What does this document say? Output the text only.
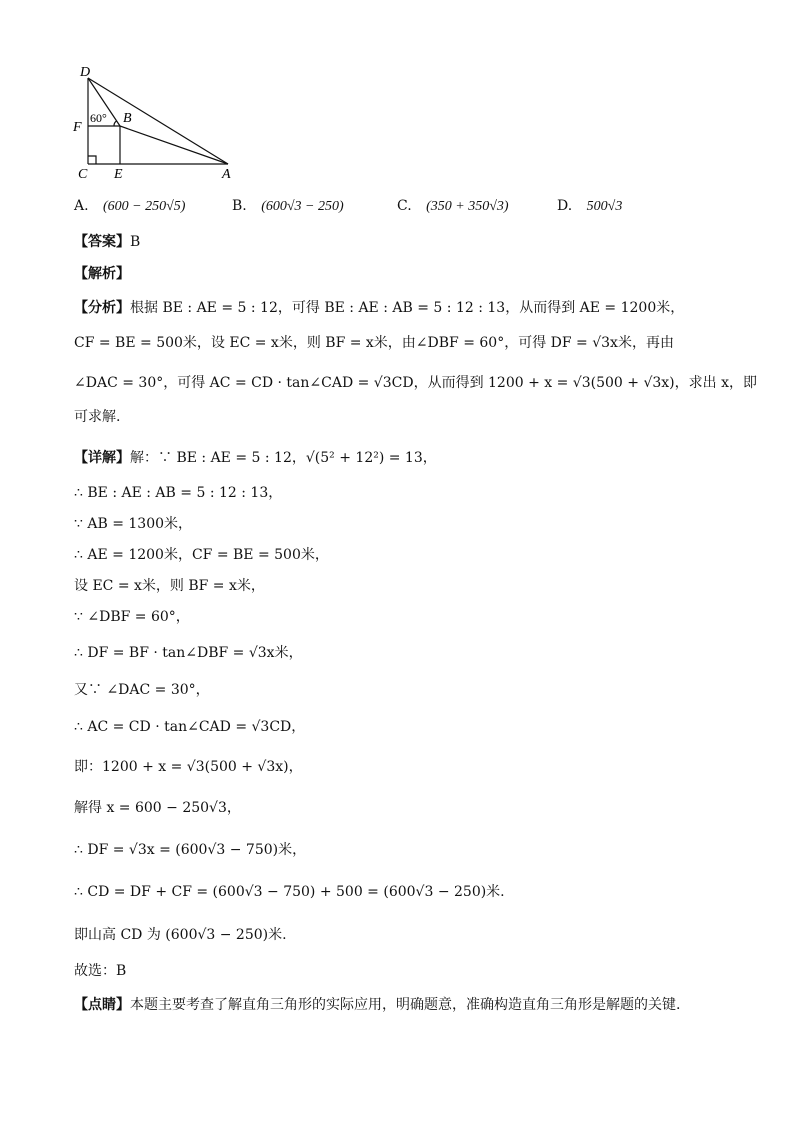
D
F
60° B
C E	A
A. (600 − 250√5)	B. (600√3 − 250)	C. (350 + 350√3)	D. 500√3
【答案】B
【解析】
【分析】根据 BE : AE = 5 : 12，可得 BE : AE : AB = 5 : 12 : 13，从而得到 AE = 1200米，
CF = BE = 500米，设 EC = x米，则 BF = x米，由∠DBF = 60°，可得 DF = √3x米，再由
∠DAC = 30°，可得 AC = CD · tan∠CAD = √3CD，从而得到 1200 + x = √3(500 + √3x)，求出 x，即
可求解.
【详解】解：∵ BE : AE = 5 : 12，√(5² + 12²) = 13，
∴ BE : AE : AB = 5 : 12 : 13，
∵ AB = 1300米，
∴ AE = 1200米，CF = BE = 500米，
设 EC = x米，则 BF = x米，
∵ ∠DBF = 60°，
∴ DF = BF · tan∠DBF = √3x米，
又∵ ∠DAC = 30°，
∴ AC = CD · tan∠CAD = √3CD，
即：1200 + x = √3(500 + √3x)，
解得 x = 600 − 250√3，
∴ DF = √3x = (600√3 − 750)米，
∴ CD = DF + CF = (600√3 − 750) + 500 = (600√3 − 250)米.
即山高 CD 为 (600√3 − 250)米.
故选：B
【点睛】本题主要考查了解直角三角形的实际应用，明确题意，准确构造直角三角形是解题的关键.
